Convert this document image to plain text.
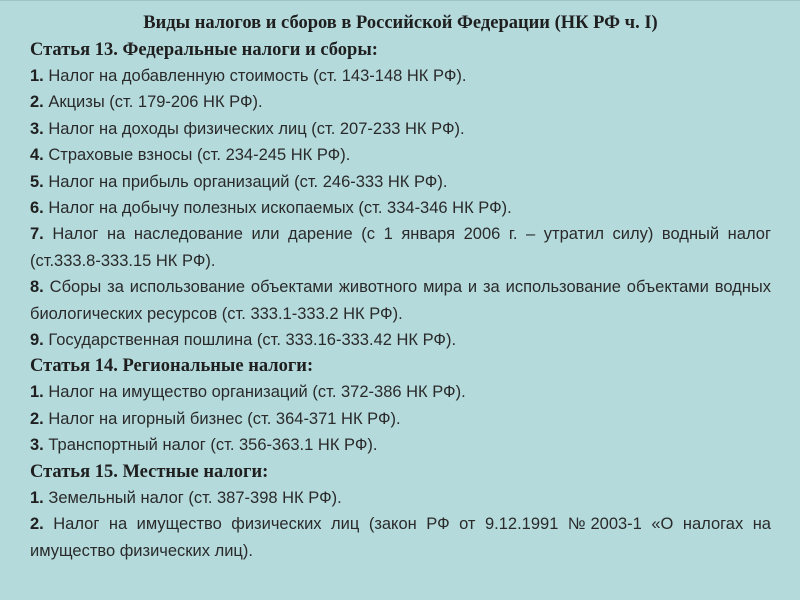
Виды налогов и сборов в Российской Федерации (НК РФ ч. I)
Статья 13. Федеральные налоги и сборы:
1. Налог на добавленную стоимость (ст. 143-148 НК РФ).
2. Акцизы (ст. 179-206 НК РФ).
3. Налог на доходы физических лиц (ст. 207-233 НК РФ).
4. Страховые взносы (ст. 234-245 НК РФ).
5. Налог на прибыль организаций (ст. 246-333 НК РФ).
6. Налог на добычу полезных ископаемых (ст. 334-346 НК РФ).
7. Налог на наследование или дарение (с 1 января 2006 г. – утратил силу) водный налог (ст.333.8-333.15 НК РФ).
8. Сборы за использование объектами животного мира и за использование объектами водных биологических ресурсов (ст. 333.1-333.2 НК РФ).
9. Государственная пошлина (ст. 333.16-333.42 НК РФ).
Статья 14. Региональные налоги:
1. Налог на имущество организаций (ст. 372-386 НК РФ).
2. Налог на игорный бизнес (ст. 364-371 НК РФ).
3. Транспортный налог (ст. 356-363.1 НК РФ).
Статья 15. Местные налоги:
1. Земельный налог (ст. 387-398 НК РФ).
2. Налог на имущество физических лиц (закон РФ от 9.12.1991 №2003-1 «О налогах на имущество физических лиц).
